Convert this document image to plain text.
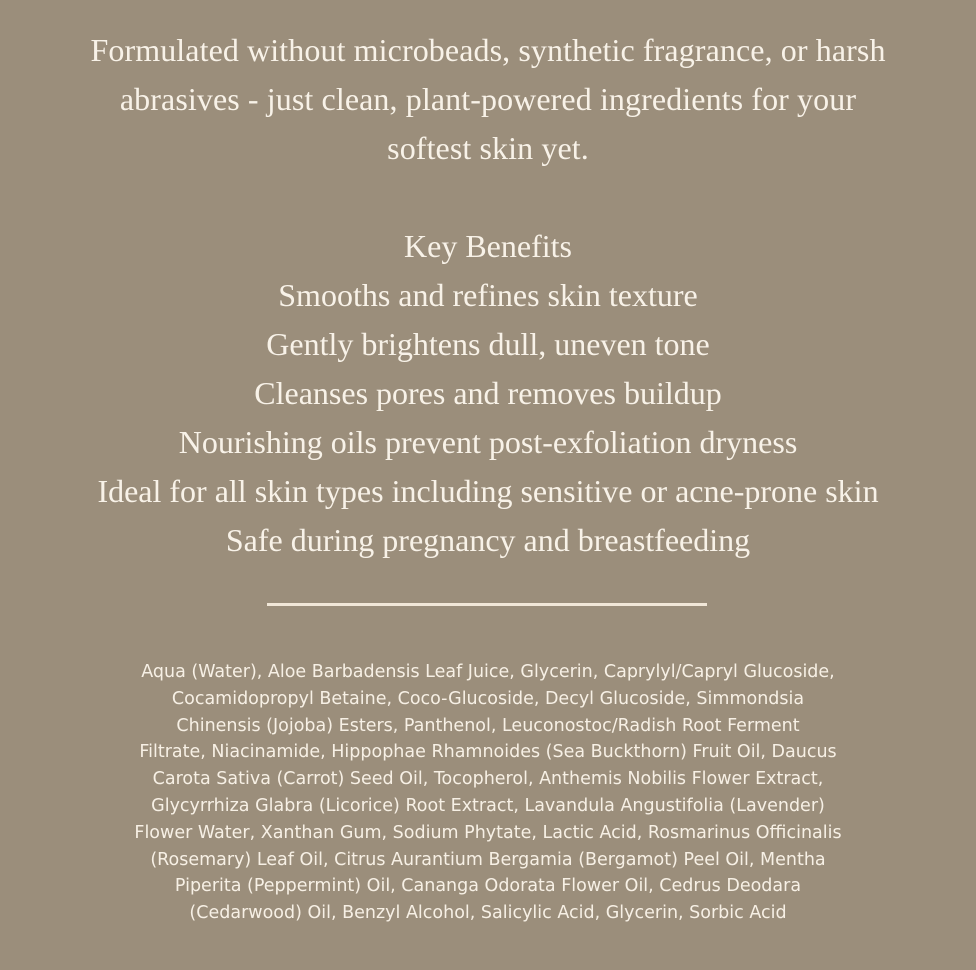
Formulated without microbeads, synthetic fragrance, or harsh
abrasives - just clean, plant-powered ingredients for your
softest skin yet.
Key Benefits
Smooths and refines skin texture
Gently brightens dull, uneven tone
Cleanses pores and removes buildup
Nourishing oils prevent post-exfoliation dryness
Ideal for all skin types including sensitive or acne-prone skin
Safe during pregnancy and breastfeeding
Aqua (Water), Aloe Barbadensis Leaf Juice, Glycerin, Caprylyl/Capryl Glucoside,
Cocamidopropyl Betaine, Coco-Glucoside, Decyl Glucoside, Simmondsia
Chinensis (Jojoba) Esters, Panthenol, Leuconostoc/Radish Root Ferment
Filtrate, Niacinamide, Hippophae Rhamnoides (Sea Buckthorn) Fruit Oil, Daucus
Carota Sativa (Carrot) Seed Oil, Tocopherol, Anthemis Nobilis Flower Extract,
Glycyrrhiza Glabra (Licorice) Root Extract, Lavandula Angustifolia (Lavender)
Flower Water, Xanthan Gum, Sodium Phytate, Lactic Acid, Rosmarinus Officinalis
(Rosemary) Leaf Oil, Citrus Aurantium Bergamia (Bergamot) Peel Oil, Mentha
Piperita (Peppermint) Oil, Cananga Odorata Flower Oil, Cedrus Deodara
(Cedarwood) Oil, Benzyl Alcohol, Salicylic Acid, Glycerin, Sorbic Acid
